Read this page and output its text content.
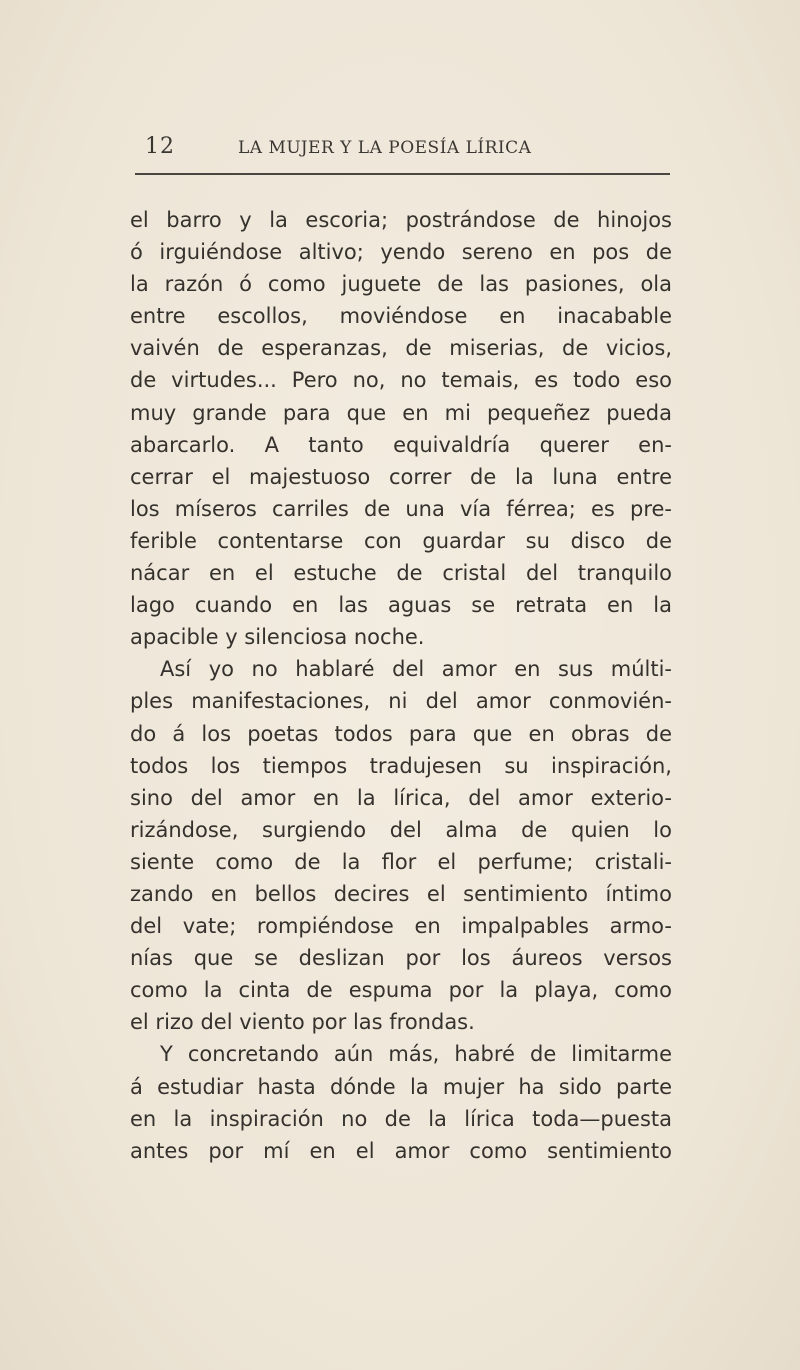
12	LA MUJER Y LA POESÍA LÍRICA
el barro y la escoria; postrándose de hinojos
ó irguiéndose altivo; yendo sereno en pos de
la razón ó como juguete de las pasiones, ola
entre escollos, moviéndose en inacabable
vaivén de esperanzas, de miserias, de vicios,
de virtudes... Pero no, no temais, es todo eso
muy grande para que en mi pequeñez pueda
abarcarlo. A tanto equivaldría querer en-
cerrar el majestuoso correr de la luna entre
los míseros carriles de una vía férrea; es pre-
ferible contentarse con guardar su disco de
nácar en el estuche de cristal del tranquilo
lago cuando en las aguas se retrata en la
apacible y silenciosa noche.
Así yo no hablaré del amor en sus múlti-
ples manifestaciones, ni del amor conmovién-
do á los poetas todos para que en obras de
todos los tiempos tradujesen su inspiración,
sino del amor en la lírica, del amor exterio-
rizándose, surgiendo del alma de quien lo
siente como de la flor el perfume; cristali-
zando en bellos decires el sentimiento íntimo
del vate; rompiéndose en impalpables armo-
nías que se deslizan por los áureos versos
como la cinta de espuma por la playa, como
el rizo del viento por las frondas.
Y concretando aún más, habré de limitarme
á estudiar hasta dónde la mujer ha sido parte
en la inspiración no de la lírica toda—puesta
antes por mí en el amor como sentimiento
